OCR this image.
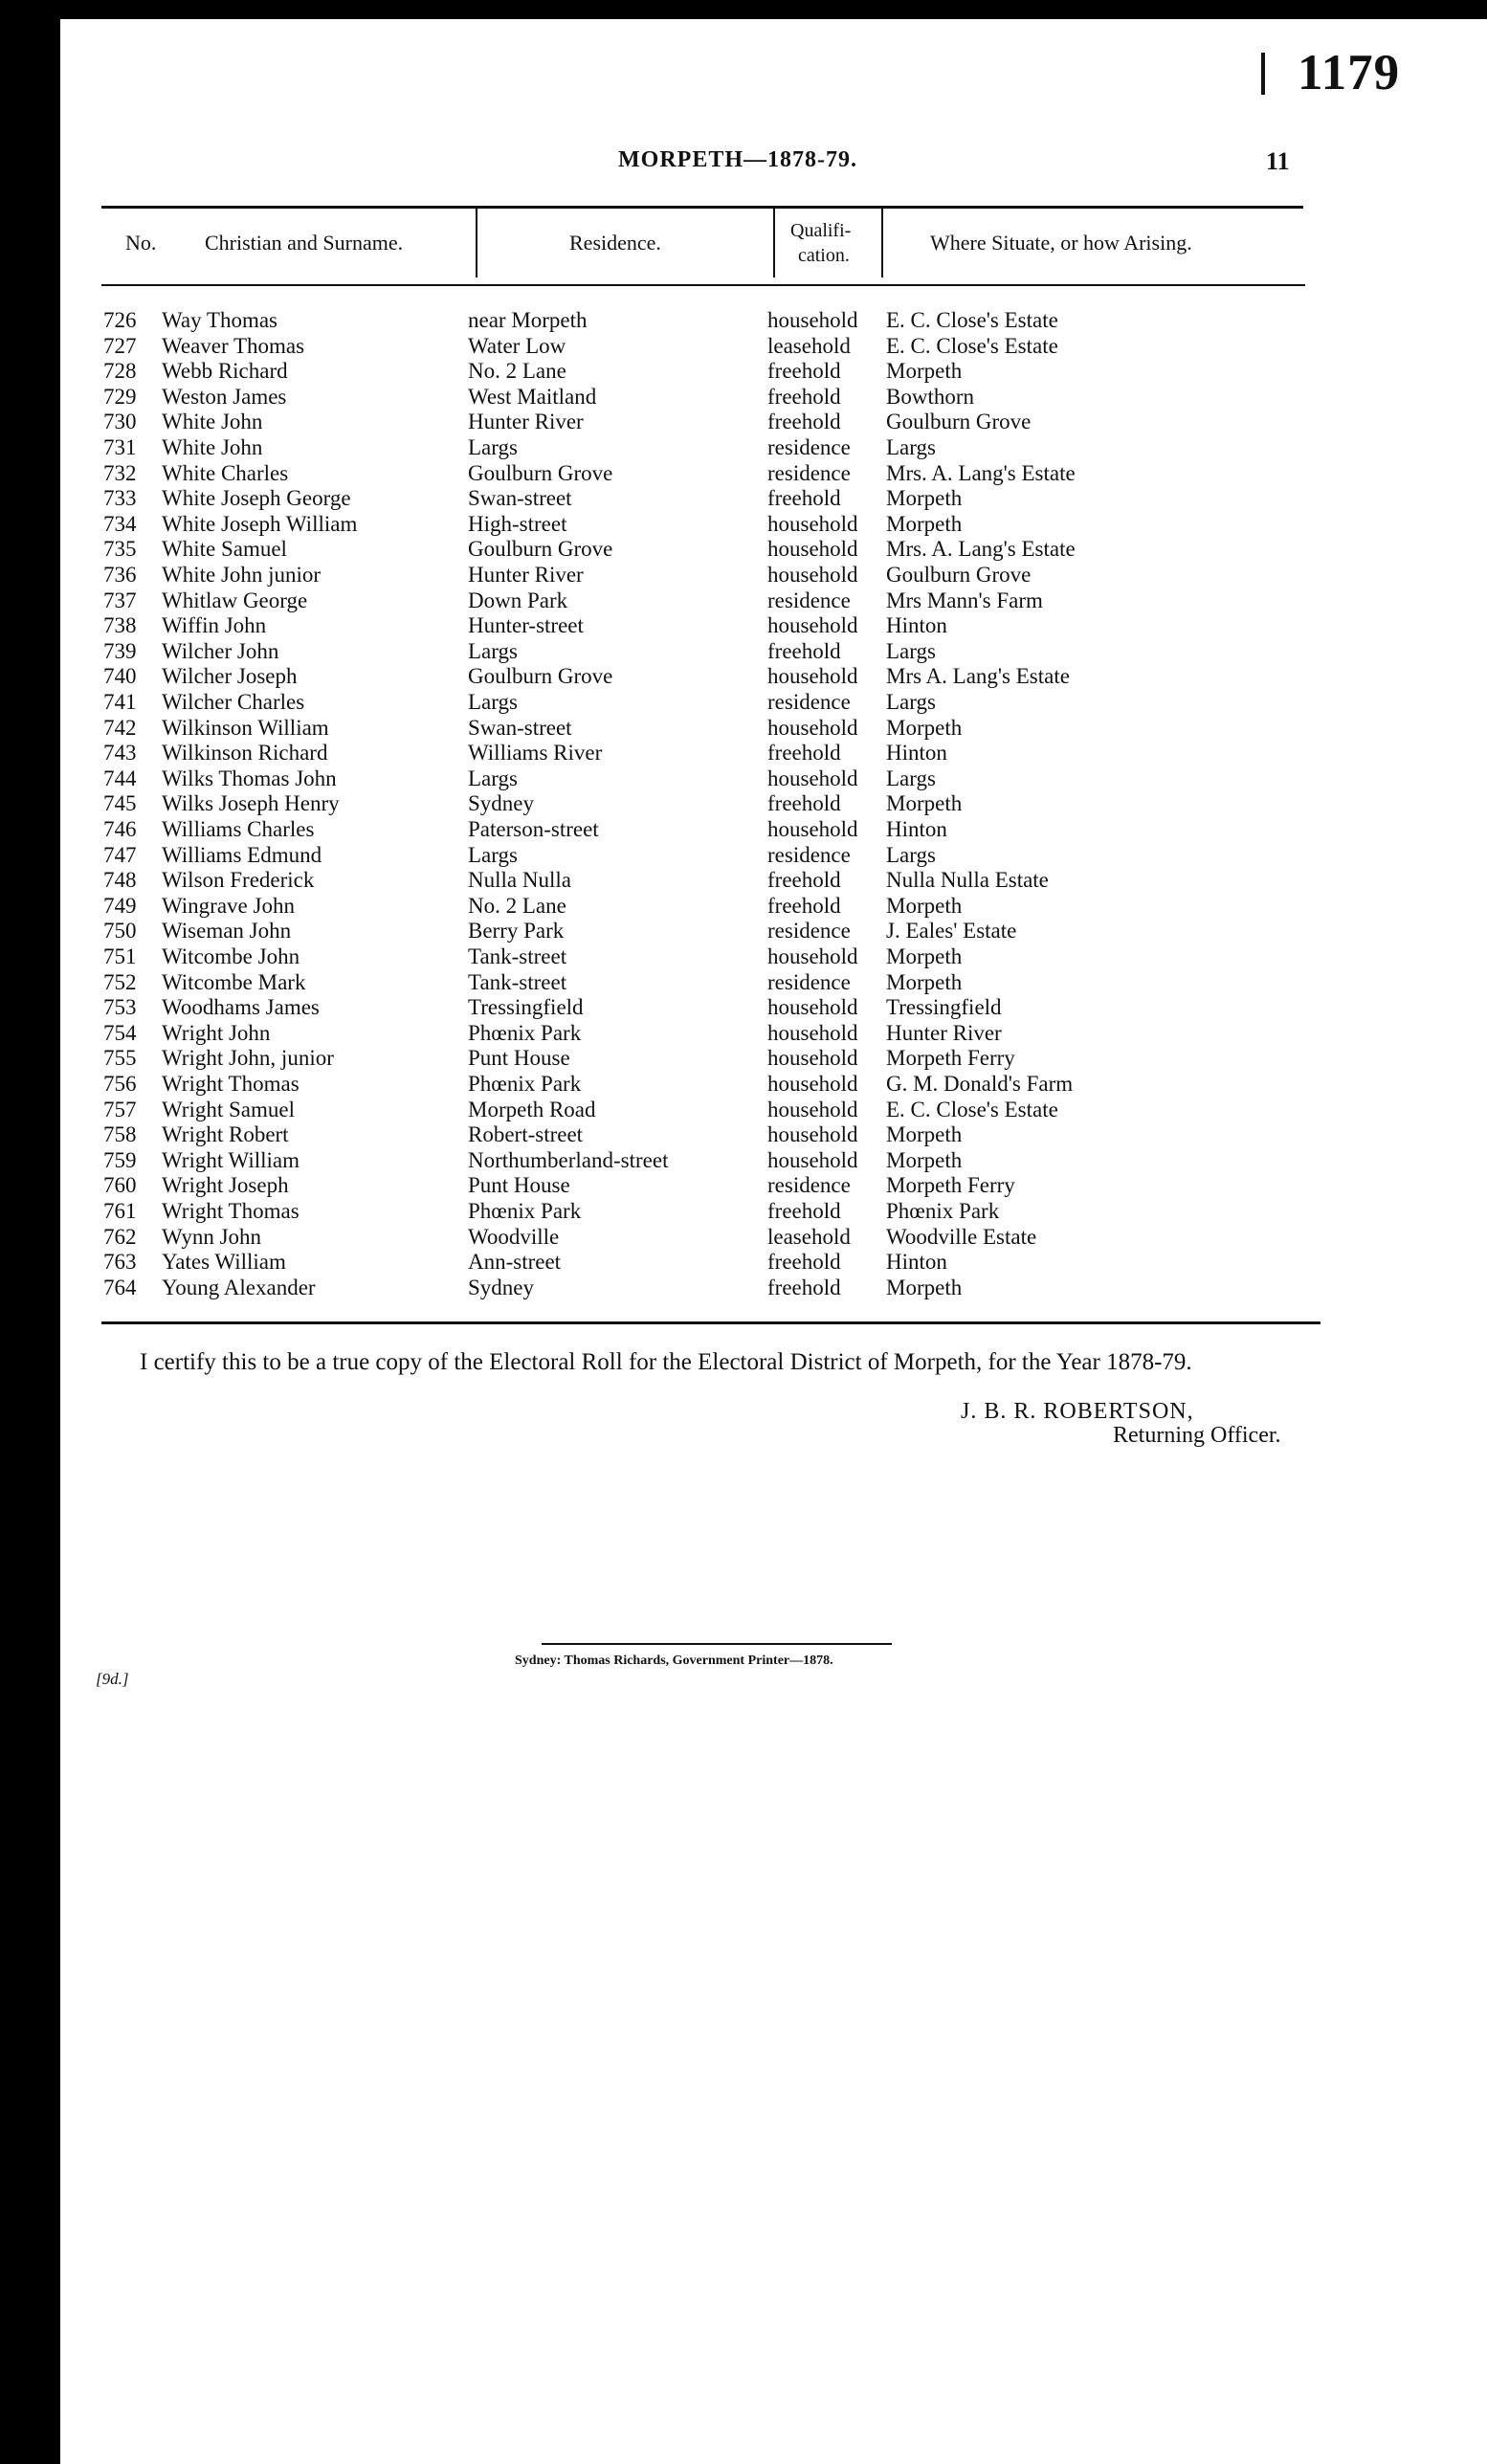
1179
MORPETH—1878-79.	11
No. Christian and Surname.	Residence.	Qualifi-
cation.
Where Situate, or how Arising.
726 Way Thomas	near Morpeth	household E. C. Close's Estate
727 Weaver Thomas	Water Low	leasehold E. C. Close's Estate
728 Webb Richard	No. 2 Lane	freehold Morpeth
729 Weston James	West Maitland	freehold Bowthorn
730 White John	Hunter River	freehold Goulburn Grove
731 White John	Largs	residence Largs
732 White Charles	Goulburn Grove	residence Mrs. A. Lang's Estate
733 White Joseph George	Swan-street	freehold Morpeth
734 White Joseph William	High-street	household Morpeth
735 White Samuel	Goulburn Grove	household Mrs. A. Lang's Estate
736 White John junior	Hunter River	household Goulburn Grove
737 Whitlaw George	Down Park	residence Mrs Mann's Farm
738 Wiffin John	Hunter-street	household Hinton
739 Wilcher John	Largs	freehold Largs
740 Wilcher Joseph	Goulburn Grove	household Mrs A. Lang's Estate
741 Wilcher Charles	Largs	residence Largs
742 Wilkinson William	Swan-street	household Morpeth
743 Wilkinson Richard	Williams River	freehold Hinton
744 Wilks Thomas John	Largs	household Largs
745 Wilks Joseph Henry	Sydney	freehold Morpeth
746 Williams Charles	Paterson-street	household Hinton
747 Williams Edmund	Largs	residence Largs
748 Wilson Frederick	Nulla Nulla	freehold Nulla Nulla Estate
749 Wingrave John	No. 2 Lane	freehold Morpeth
750 Wiseman John	Berry Park	residence J. Eales' Estate
751 Witcombe John	Tank-street	household Morpeth
752 Witcombe Mark	Tank-street	residence Morpeth
753 Woodhams James	Tressingfield	household Tressingfield
754 Wright John	Phœnix Park	household Hunter River
755 Wright John, junior	Punt House	household Morpeth Ferry
756 Wright Thomas	Phœnix Park	household G. M. Donald's Farm
757 Wright Samuel	Morpeth Road	household E. C. Close's Estate
758 Wright Robert	Robert-street	household Morpeth
759 Wright William	Northumberland-street	household Morpeth
760 Wright Joseph	Punt House	residence Morpeth Ferry
761 Wright Thomas	Phœnix Park	freehold Phœnix Park
762 Wynn John	Woodville	leasehold Woodville Estate
763 Yates William	Ann-street	freehold Hinton
764 Young Alexander	Sydney	freehold Morpeth
I certify this to be a true copy of the Electoral Roll for the Electoral District of Morpeth, for the Year 1878-79.
J. B. R. ROBERTSON,
Returning Officer.
Sydney: Thomas Richards, Government Printer—1878.
[9d.]
